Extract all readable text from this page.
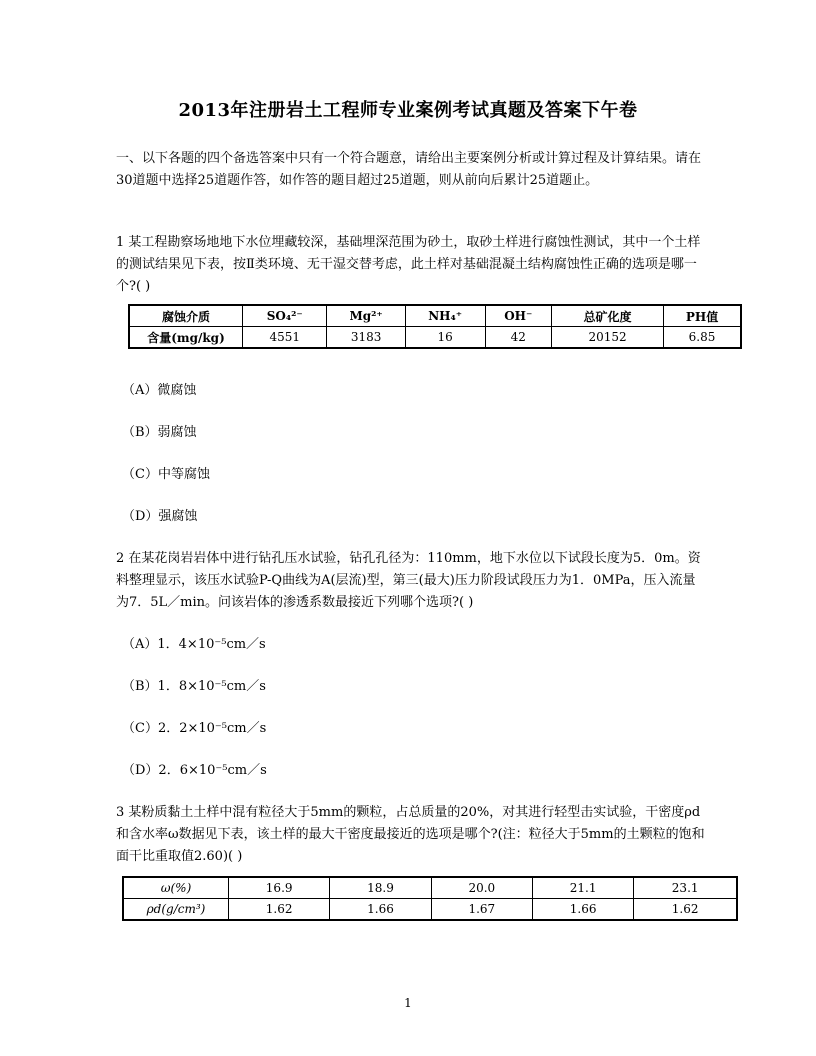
2013年注册岩土工程师专业案例考试真题及答案下午卷
一、以下各题的四个备选答案中只有一个符合题意，请给出主要案例分析或计算过程及计算结果。请在30道题中选择25道题作答，如作答的题目超过25道题，则从前向后累计25道题止。
1 某工程勘察场地地下水位埋藏较深，基础埋深范围为砂土，取砂土样进行腐蚀性测试，其中一个土样的测试结果见下表，按Ⅱ类环境、无干湿交替考虑，此土样对基础混凝土结构腐蚀性正确的选项是哪一个?( )
腐蚀介质	SO₄²⁻	Mg²⁺	NH₄⁺	OH⁻	总矿化度	PH值
含量(mg/kg)	4551	3183	16	42	20152	6.85
（A）微腐蚀
（B）弱腐蚀
（C）中等腐蚀
（D）强腐蚀
2 在某花岗岩岩体中进行钻孔压水试验，钻孔孔径为：110mm，地下水位以下试段长度为5．0m。资料整理显示，该压水试验P-Q曲线为A(层流)型，第三(最大)压力阶段试段压力为1．0MPa，压入流量为7．5L／min。问该岩体的渗透系数最接近下列哪个选项?( )
（A）1．4×10⁻⁵cm／s
（B）1．8×10⁻⁵cm／s
（C）2．2×10⁻⁵cm／s
（D）2．6×10⁻⁵cm／s
3 某粉质黏土土样中混有粒径大于5mm的颗粒，占总质量的20%，对其进行轻型击实试验，干密度ρd和含水率ω数据见下表，该土样的最大干密度最接近的选项是哪个?(注：粒径大于5mm的土颗粒的饱和面干比重取值2.60)( )
ω(%)	16.9	18.9	20.0	21.1	23.1
ρd(g/cm³)	1.62	1.66	1.67	1.66	1.62
1
